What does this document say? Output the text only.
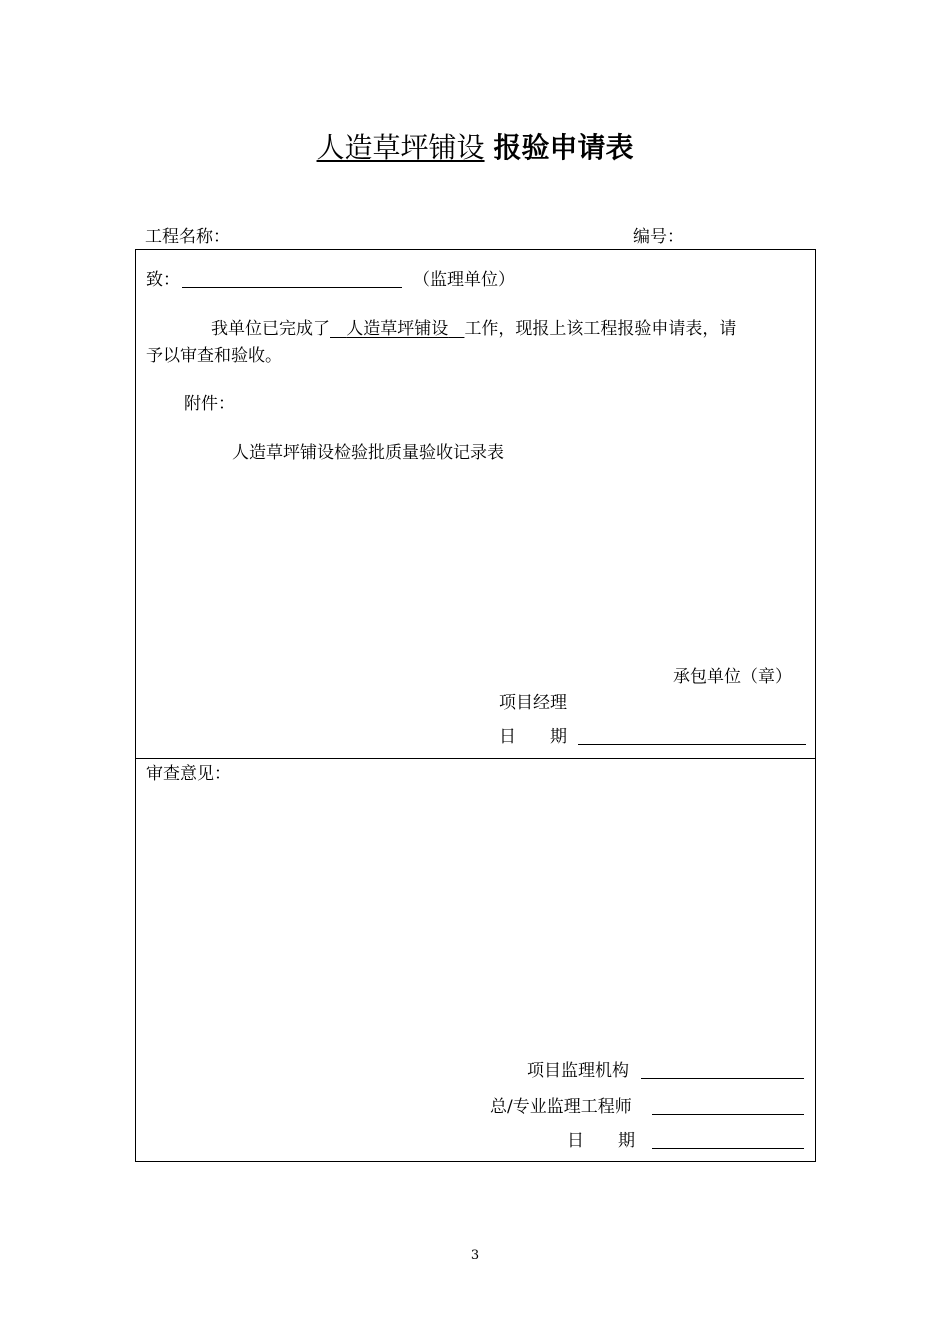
人造草坪铺设 报验申请表
工程名称：	编号：
致：	（监理单位）
我单位已完成了 人造草坪铺设 工作，现报上该工程报验申请表，请
予以审查和验收。
附件：
人造草坪铺设检验批质量验收记录表
承包单位（章）
项目经理
日　　期
审查意见：
项目监理机构
总/专业监理工程师
日　　期
3
